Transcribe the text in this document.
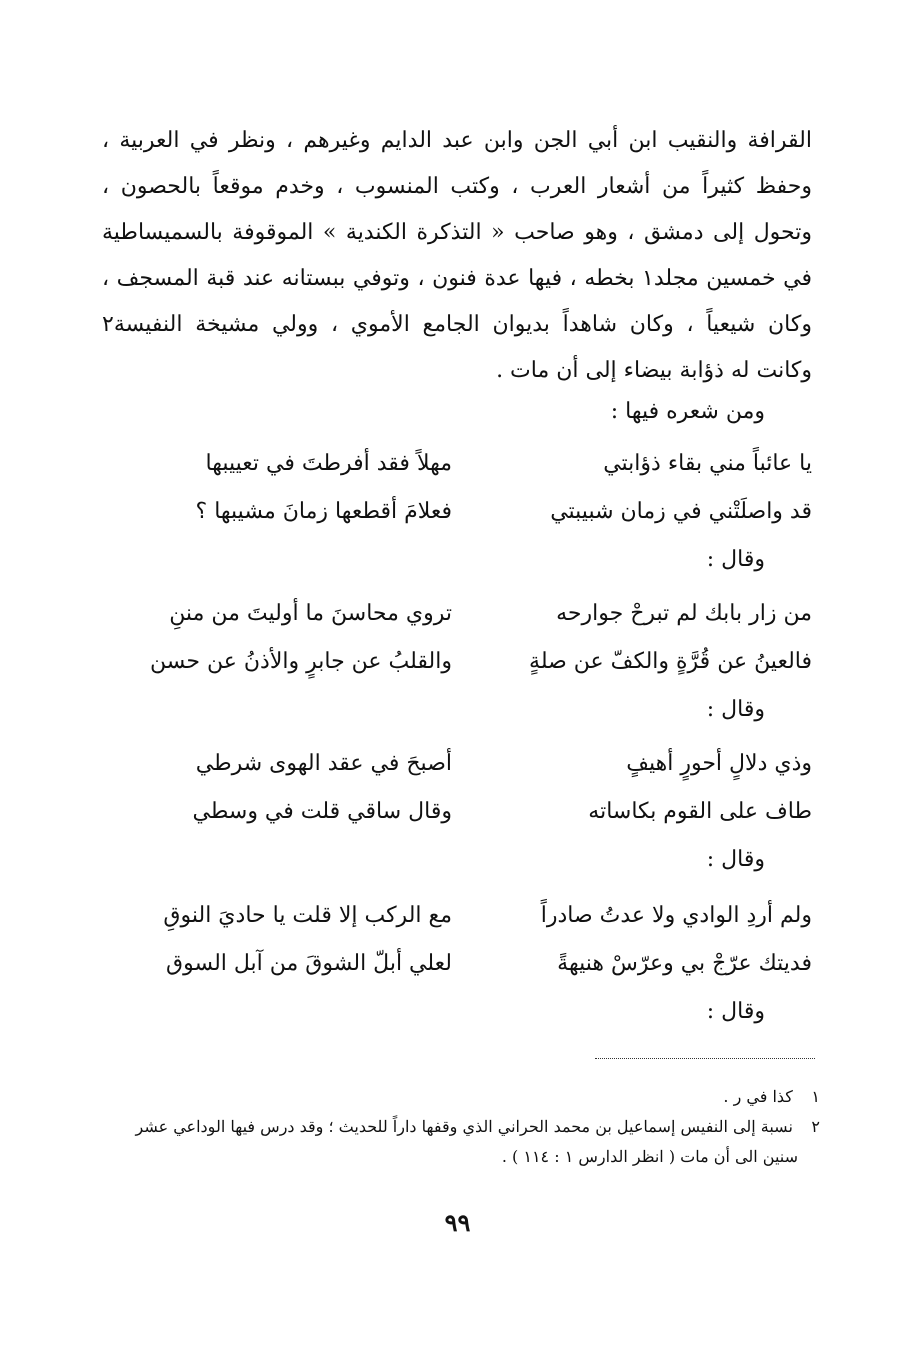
القرافة والنقيب ابن أبي الجن وابن عبد الدايم وغيرهم ، ونظر في العربية ،
وحفظ كثيراً من أشعار العرب ، وكتب المنسوب ، وخدم موقعاً بالحصون ،
وتحول إلى دمشق ، وهو صاحب « التذكرة الكندية » الموقوفة بالسميساطية
في خمسين مجلد١ بخطه ، فيها عدة فنون ، وتوفي ببستانه عند قبة المسجف ،
وكان شيعياً ، وكان شاهداً بديوان الجامع الأموي ، وولي مشيخة النفيسة٢
وكانت له ذؤابة بيضاء إلى أن مات .
ومن شعره فيها :
يا عائباً مني بقاء ذؤابتي
مهلاً فقد أفرطتَ في تعييبها
قد واصلَتْني في زمان شبيبتي
فعلامَ أقطعها زمانَ مشيبها ؟
وقال :
من زار بابك لم تبرحْ جوارحه
تروي محاسنَ ما أوليتَ من مننِ
فالعينُ عن قُرَّةٍ والكفّ عن صلةٍ
والقلبُ عن جابرٍ والأذنُ عن حسن
وقال :
وذي دلالٍ أحورٍ أهيفٍ
أصبحَ في عقد الهوى شرطي
طاف على القوم بكاساته
وقال ساقي قلت في وسطي
وقال :
ولم أردِ الوادي ولا عدتُ صادراً
مع الركب إلا قلت يا حاديَ النوقِ
فديتك عرّجْ بي وعرّسْ هنيهةً
لعلي أبلّ الشوقَ من آبل السوق
وقال :
١ كذا في ر .
٢ نسبة إلى النفيس إسماعيل بن محمد الحراني الذي وقفها داراً للحديث ؛ وقد درس فيها الوداعي عشر
سنين الى أن مات ( انظر الدارس ١ : ١١٤ ) .
٩٩
